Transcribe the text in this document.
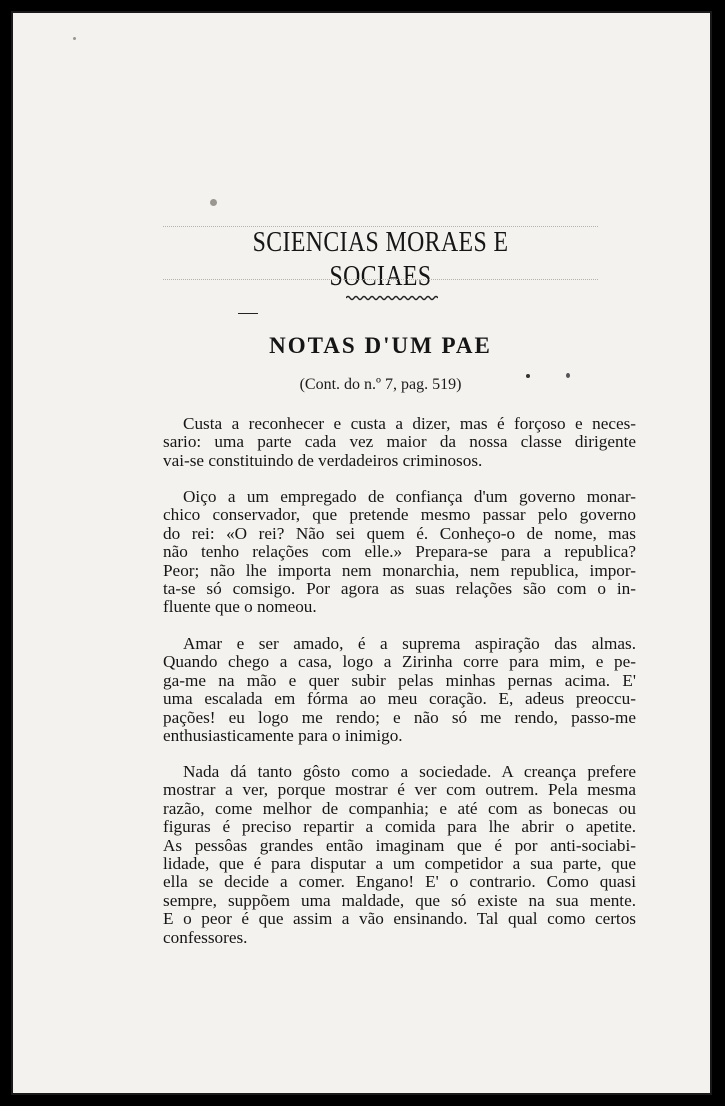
SCIENCIAS MORAES E SOCIAES
NOTAS D'UM PAE
(Cont. do n.º 7, pag. 519)
Custa a reconhecer e custa a dizer, mas é forçoso e neces-
sario: uma parte cada vez maior da nossa classe dirigente
vai-se constituindo de verdadeiros criminosos.
Oiço a um empregado de confiança d'um governo monar-
chico conservador, que pretende mesmo passar pelo governo
do rei: «O rei? Não sei quem é. Conheço-o de nome, mas
não tenho relações com elle.» Prepara-se para a republica?
Peor; não lhe importa nem monarchia, nem republica, impor-
ta-se só comsigo. Por agora as suas relações são com o in-
fluente que o nomeou.
Amar e ser amado, é a suprema aspiração das almas.
Quando chego a casa, logo a Zirinha corre para mim, e pe-
ga-me na mão e quer subir pelas minhas pernas acima. E'
uma escalada em fórma ao meu coração. E, adeus preoccu-
pações! eu logo me rendo; e não só me rendo, passo-me
enthusiasticamente para o inimigo.
Nada dá tanto gôsto como a sociedade. A creança prefere
mostrar a ver, porque mostrar é ver com outrem. Pela mesma
razão, come melhor de companhia; e até com as bonecas ou
figuras é preciso repartir a comida para lhe abrir o apetite.
As pessôas grandes então imaginam que é por anti-sociabi-
lidade, que é para disputar a um competidor a sua parte, que
ella se decide a comer. Engano! E' o contrario. Como quasi
sempre, suppõem uma maldade, que só existe na sua mente.
E o peor é que assim a vão ensinando. Tal qual como certos
confessores.
